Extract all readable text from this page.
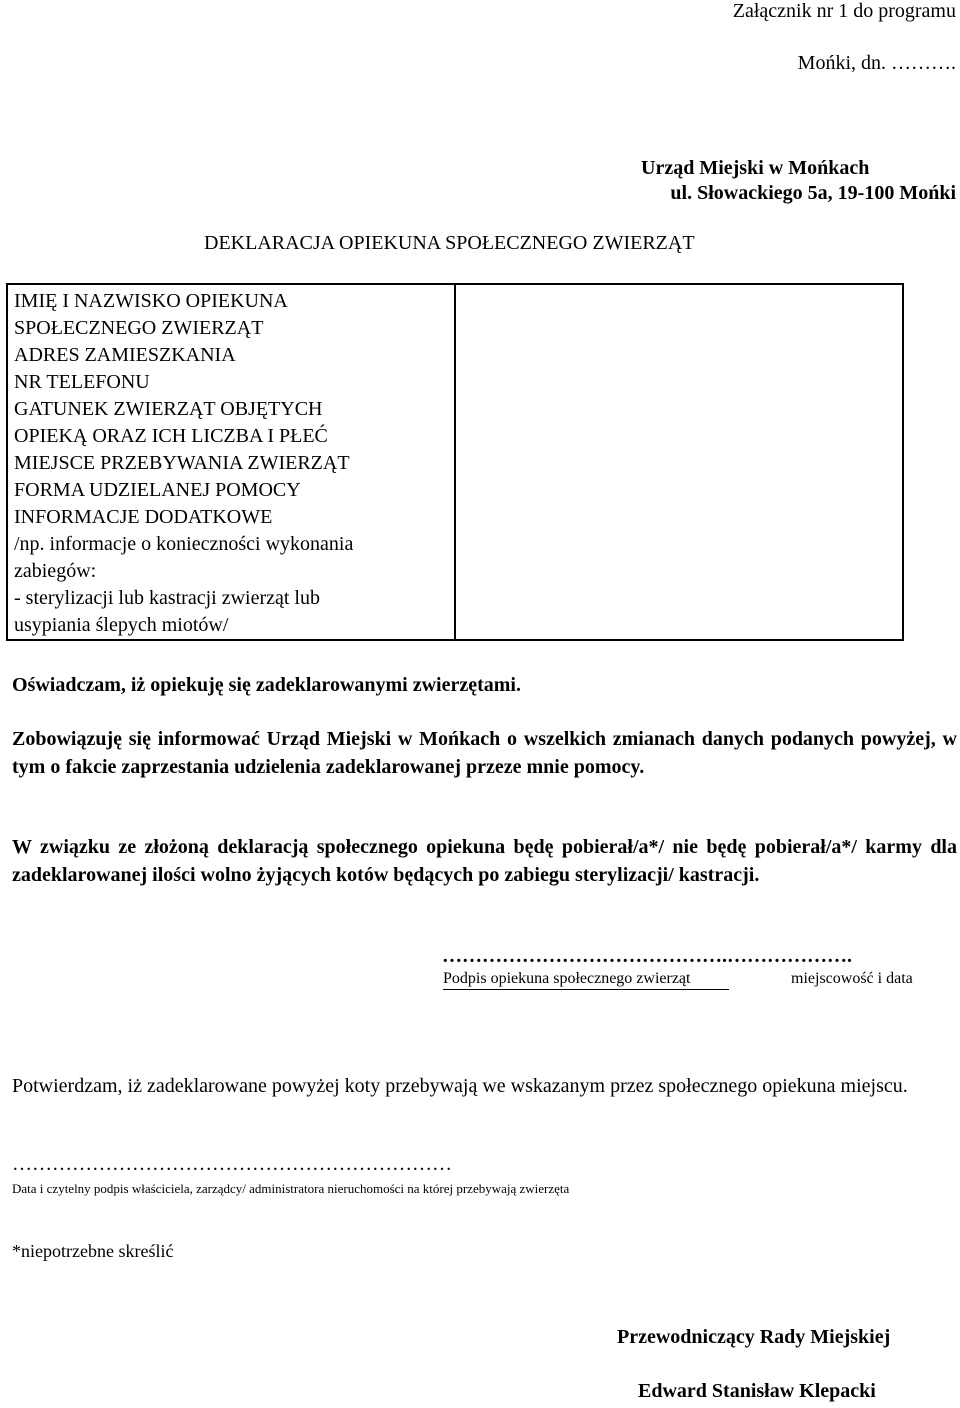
Załącznik nr 1 do programu
Mońki, dn. ……….
Urząd Miejski w Mońkach
ul. Słowackiego 5a, 19-100 Mońki
DEKLARACJA OPIEKUNA SPOŁECZNEGO ZWIERZĄT
IMIĘ I NAZWISKO OPIEKUNA
SPOŁECZNEGO ZWIERZĄT
ADRES ZAMIESZKANIA
NR TELEFONU
GATUNEK ZWIERZĄT OBJĘTYCH
OPIEKĄ ORAZ ICH LICZBA I PŁEĆ
MIEJSCE PRZEBYWANIA ZWIERZĄT
FORMA UDZIELANEJ POMOCY
INFORMACJE DODATKOWE
/np. informacje o konieczności wykonania
zabiegów:
- sterylizacji lub kastracji zwierząt lub
usypiania ślepych miotów/

Oświadczam, iż opiekuję się zadeklarowanymi zwierzętami.
Zobowiązuję się informować Urząd Miejski w Mońkach o wszelkich zmianach danych podanych powyżej, w tym o fakcie zaprzestania udzielenia zadeklarowanej przeze mnie pomocy.
W związku ze złożoną deklaracją społecznego opiekuna będę pobierał/a*/ nie będę pobierał/a*/ karmy dla zadeklarowanej ilości wolno żyjących kotów będących po zabiegu sterylizacji/ kastracji.
…………………………………….……………….
Podpis opiekuna społecznego zwierząt	miejscowość i data
Potwierdzam, iż zadeklarowane powyżej koty przebywają we wskazanym przez społecznego opiekuna miejscu.
…………………………………………………………
Data i czytelny podpis właściciela, zarządcy/ administratora nieruchomości na której przebywają zwierzęta
*niepotrzebne skreślić
Przewodniczący Rady Miejskiej
Edward Stanisław Klepacki
